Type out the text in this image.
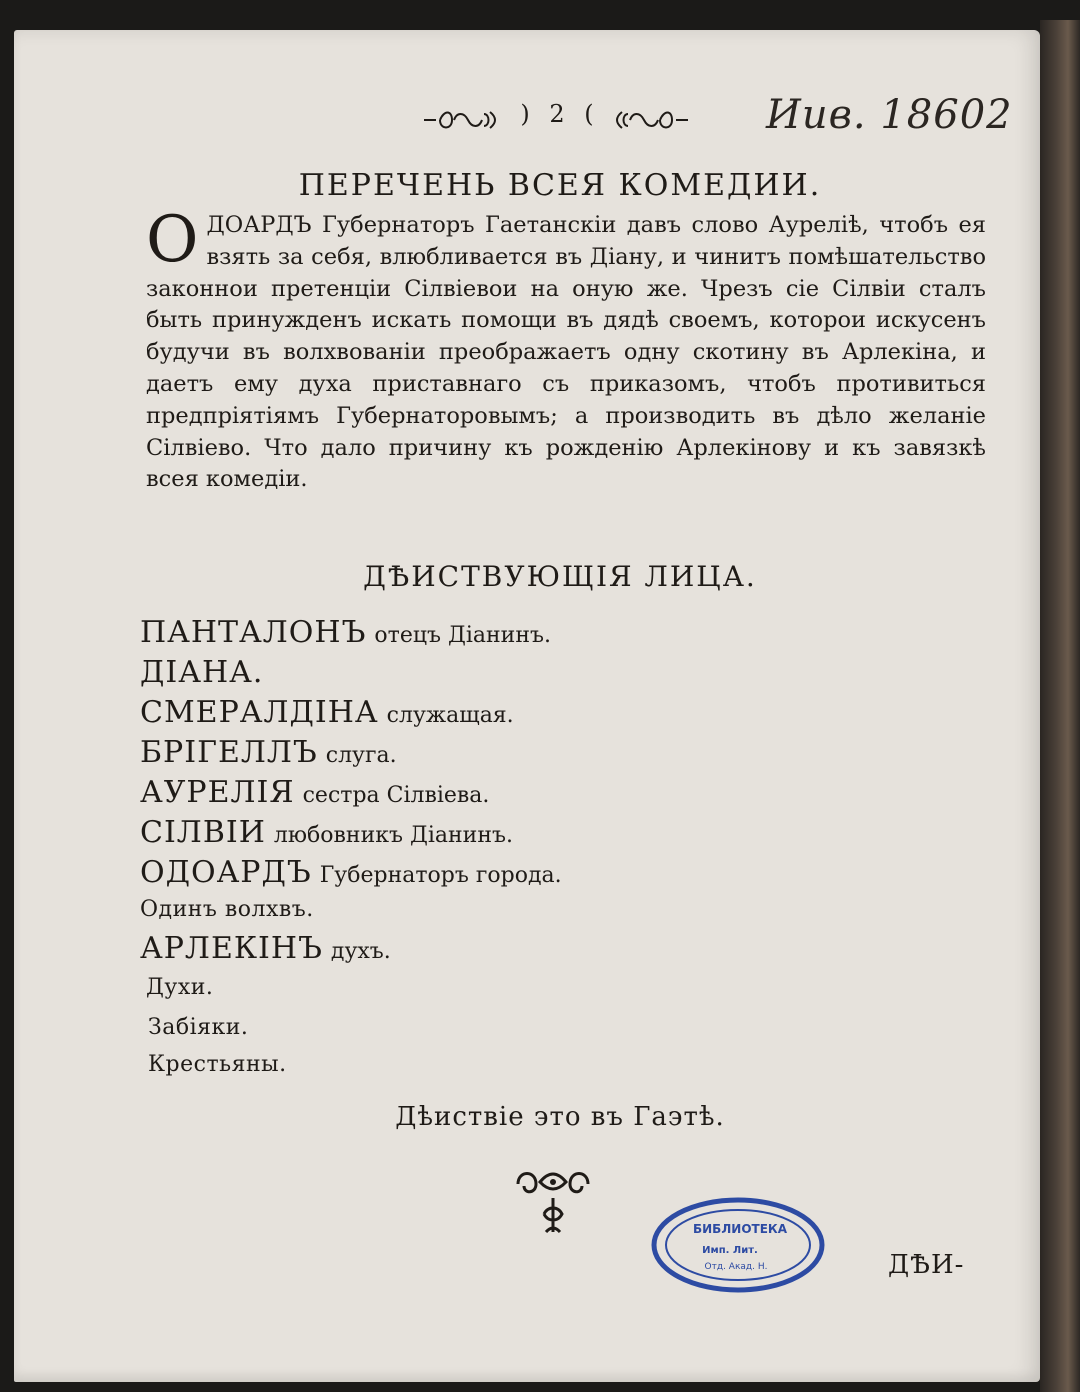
) 2 (	Иив. 18602
ПЕРЕЧЕНЬ ВСЕЯ КОМЕДИИ.

ОДОАРДЪ Губернаторъ Гаетанскiи давъ слово Аурелiѣ, чтобъ ея взять за себя, влюбливается въ Дiану, и чинитъ помѣшательство законнои претенцiи Сiлвiевои на оную же. Чрезъ сiе Сiлвiи сталъ быть принужденъ искать помощи въ дядѣ своемъ, которои искусенъ будучи въ волхвованiи преображаетъ одну скотину въ Арлекiна, и даетъ ему духа приставнаго съ приказомъ, чтобъ противиться предпрiятiямъ Губернаторовымъ; а производить въ дѣло желанiе Сiлвiево. Что дало причину къ рожденiю Арлекiнову и къ завязкѣ всея комедiи.

ДѢИСТВУЮЩIЯ ЛИЦА.
ПАНТАЛОНЪ отецъ Дiанинъ.
ДIАНА.
СМЕРАЛДIНА служащая.
БРIГЕЛЛЪ слуга.
АУРЕЛIЯ сестра Сiлвiева.
СIЛВIИ любовникъ Дiанинъ.
ОДОАРДЪ Губернаторъ города.
Одинъ волхвъ.
АРЛЕКIНЪ духъ.
Духи.
Забiяки.
Крестьяны.
Дѣиствiе это въ Гаэтѣ.
БИБЛИОТЕКА
Имп. Лит.
Отд. Акад. Н.	ДѢИ-
